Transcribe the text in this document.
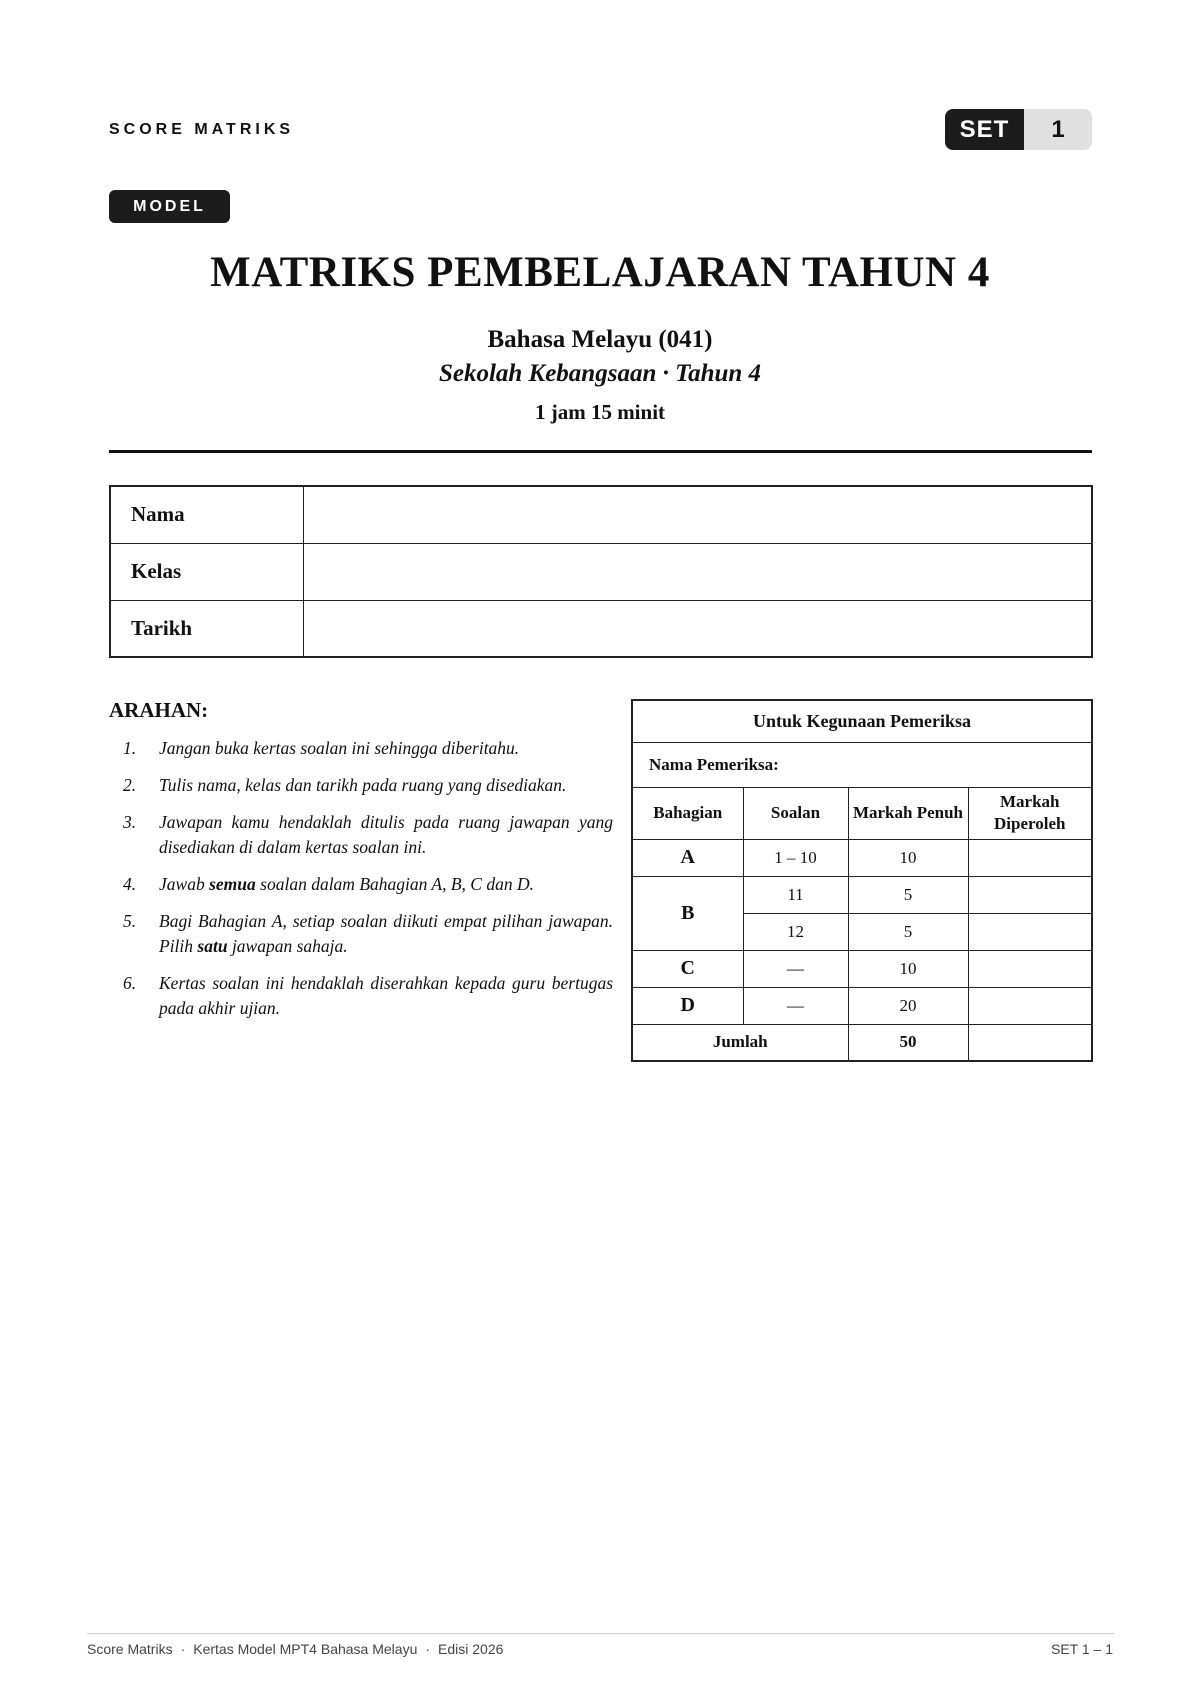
SCORE MATRIKS	SET	1
MODEL
MATRIKS PEMBELAJARAN TAHUN 4
Bahasa Melayu (041)
Sekolah Kebangsaan · Tahun 4
1 jam 15 minit
Nama	
Kelas	
Tarikh	
ARAHAN:
1. Jangan buka kertas soalan ini sehingga diberitahu.
2. Tulis nama, kelas dan tarikh pada ruang yang disediakan.
3. Jawapan kamu hendaklah ditulis pada ruang jawapan yang disediakan di dalam kertas soalan ini.
4. Jawab semua soalan dalam Bahagian A, B, C dan D.
5. Bagi Bahagian A, setiap soalan diikuti empat pilihan jawapan. Pilih satu jawapan sahaja.
6. Kertas soalan ini hendaklah diserahkan kepada guru bertugas pada akhir ujian.
Untuk Kegunaan Pemeriksa			
Nama Pemeriksa:			
Bahagian	Soalan	Markah Penuh	Markah Diperoleh
A	1 – 10	10	
B	11	5	
	12	5	
C	—	10	
D	—	20	
Jumlah		50	
Score Matriks · Kertas Model MPT4 Bahasa Melayu · Edisi 2026	SET 1 – 1
